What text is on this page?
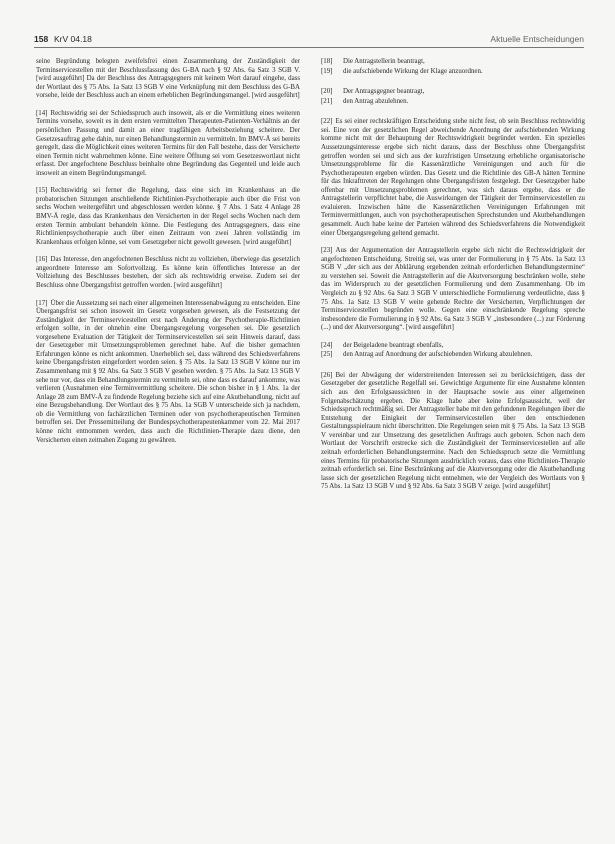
158 KrV 04.18	Aktuelle Entscheidungen

seine Begründung belegten zweifelsfrei einen Zusammenhang der Zuständigkeit der Terminservicestellen mit der Beschlussfassung des G-BA nach § 92 Abs. 6a Satz 3 SGB V. [wird ausgeführt] Da der Beschluss des Antragsgegners mit keinem Wort darauf eingehe, dass der Wortlaut des § 75 Abs. 1a Satz 13 SGB V eine Verknüpfung mit dem Beschluss des G-BA vorsehe, leide der Beschluss auch an einem erheblichen Begründungsmangel. [wird ausgeführt]

[14] Rechtswidrig sei der Schiedsspruch auch insoweit, als er die Vermittlung eines weiteren Termins vorsehe, soweit es in dem ersten vermittelten Therapeuten-Patienten-Verhältnis an der persönlichen Passung und damit an einer tragfähigen Arbeitsbeziehung scheitere. Der Gesetzesauftrag gehe dahin, nur einen Behandlungstermin zu vermitteln. Im BMV-Ä sei bereits geregelt, dass die Möglichkeit eines weiteren Termins für den Fall bestehe, dass der Versicherte einen Termin nicht wahrnehmen könne. Eine weitere Öffnung sei vom Gesetzeswortlaut nicht erfasst. Der angefochtene Beschluss beinhalte ohne Begründung das Gegenteil und leide auch insoweit an einem Begründungsmangel.

[15] Rechtswidrig sei ferner die Regelung, dass eine sich im Krankenhaus an die probatorischen Sitzungen anschließende Richtlinien-Psychotherapie auch über die Frist von sechs Wochen weitergeführt und abgeschlossen werden könne. § 7 Abs. 1 Satz 4 Anlage 28 BMV-Ä regle, dass das Krankenhaus den Versicherten in der Regel sechs Wochen nach dem ersten Termin ambulant behandeln könne. Die Festlegung des Antragsgegners, dass eine Richtlinienpsychotherapie auch über einen Zeitraum von zwei Jahren vollständig im Krankenhaus erfolgen könne, sei vom Gesetzgeber nicht gewollt gewesen. [wird ausgeführt]

[16] Das Interesse, den angefochtenen Beschluss nicht zu vollziehen, überwiege das gesetzlich angeordnete Interesse am Sofortvollzug. Es könne kein öffentliches Interesse an der Vollziehung des Beschlusses bestehen, der sich als rechtswidrig erweise. Zudem sei der Beschluss ohne Übergangsfrist getroffen worden. [wird ausgeführt]

[17] Über die Aussetzung sei nach einer allgemeinen Interessenabwägung zu entscheiden. Eine Übergangsfrist sei schon insoweit im Gesetz vorgesehen gewesen, als die Festsetzung der Zuständigkeit der Terminservicestellen erst nach Änderung der Psychotherapie-Richtlinien erfolgen sollte, in der ohnehin eine Übergangsregelung vorgesehen sei. Die gesetzlich vorgesehene Evaluation der Tätigkeit der Terminservicestellen sei sein Hinweis darauf, dass der Gesetzgeber mit Umsetzungsproblemen gerechnet habe. Auf die bisher gemachten Erfahrungen könne es nicht ankommen. Unerheblich sei, dass während des Schiedsverfahrens keine Übergangsfristen eingefordert worden seien. § 75 Abs. 1a Satz 13 SGB V könne nur im Zusammenhang mit § 92 Abs. 6a Satz 3 SGB V gesehen werden. § 75 Abs. 1a Satz 13 SGB V sehe nur vor, dass ein Behandlungstermin zu vermitteln sei, ohne dass es darauf ankomme, was verlieren (Ausnahmen eine Terminvermittlung scheitere. Die schon bisher in § 1 Abs. 1a der Anlage 28 zum BMV-Ä zu findende Regelung beziehe sich auf eine Akutbehandlung, nicht auf eine Bezugsbehandlung. Der Wortlaut des § 75 Abs. 1a SGB V unterscheide sich ja nachdem, ob die Vermittlung von fachärztlichen Terminen oder von psychotherapeutischen Terminen betroffen sei. Der Pressemitteilung der Bundespsychotherapeutenkammer vom 22. Mai 2017 könne nicht entnommen werden, dass auch die Richtlinien-Therapie dazu diene, den Versicherten einen zeitnahen Zugang zu gewähren.

[18]	Die Antragstellerin beantragt,
[19]	die aufschiebende Wirkung der Klage anzuordnen.
[20]	Der Antragsgegner beantragt,
[21]	den Antrag abzulehnen.

[22] Es sei einer rechtskräftigen Entscheidung stehe nicht fest, ob sein Beschluss rechtswidrig sei. Eine von der gesetzlichen Regel abweichende Anordnung der aufschiebenden Wirkung komme nicht mit der Behauptung der Rechtswidrigkeit begründet werden. Ein spezielles Aussetzungsinteresse ergebe sich nicht daraus, dass der Beschluss ohne Übergangsfrist getroffen worden sei und sich aus der kurzfristigen Umsetzung erhebliche organisatorische Umsetzungsprobleme für die Kassenärztliche Vereinigungen und auch für die Psychotherapeuten ergeben würden. Das Gesetz und die Richtlinie des GB-A hätten Termine für das Inkrafttreten der Regelungen ohne Übergangsfristen festgelegt. Der Gesetzgeber habe offenbar mit Umsetzungsproblemen gerechnet, was sich daraus ergebe, dass er die Antragstellerin verpflichtet habe, die Auswirkungen der Tätigkeit der Terminservicestellen zu evaluieren. Inzwischen hätte die Kassenärztlichen Vereinigungen Erfahrungen mit Terminvermittlungen, auch von psychotherapeutischen Sprechstunden und Akutbehandlungen gesammelt. Auch habe keine der Parteien während des Schiedsverfahrens die Notwendigkeit einer Übergangsregelung geltend gemacht.

[23] Aus der Argumentation der Antragstellerin ergebe sich nicht die Rechtswidrigkeit der angefochtenen Entscheidung. Streitig sei, was unter der Formulierung in § 75 Abs. 1a Satz 13 SGB V „der sich aus der Abklärung ergebenden zeitnah erforderlichen Behandlungstermine“ zu verstehen sei. Soweit die Antragstellerin auf die Akutversorgung beschränken wolle, stehe das im Widerspruch zu der gesetzlichen Formulierung und dem Zusammenhang. Ob im Vergleich zu § 92 Abs. 6a Satz 3 SGB V unterschiedliche Formulierung verdeutlichte, dass § 75 Abs. 1a Satz 13 SGB V weite gehende Rechte der Versicherten, Verpflichtungen der Terminservicestellen begründen wolle. Gegen eine einschränkende Regelung spreche insbesondere die Formulierung in § 92 Abs. 6a Satz 3 SGB V „insbesondere (...) zur Förderung (...) und der Akutversorgung“. [wird ausgeführt]

[24]	der Beigeladene beantragt ebenfalls,
[25]	den Antrag auf Anordnung der aufschiebenden Wirkung abzulehnen.

[26] Bei der Abwägung der widerstreitenden Interessen sei zu berücksichtigen, dass der Gesetzgeber der gesetzliche Regelfall sei. Gewichtige Argumente für eine Ausnahme könnten sich aus den Erfolgsaussichten in der Hauptsache sowie aus einer allgemeinen Folgenabschätzung ergeben. Die Klage habe aber keine Erfolgsaussicht, weil der Schiedsspruch rechtmäßig sei. Der Antragsteller habe mit den gefundenen Regelungen über die Entstehung der Einigkeit der Terminservicestellen über den entschiedenen Gestaltungsspielraum nicht überschritten. Die Regelungen seien mit § 75 Abs. 1a Satz 13 SGB V vereinbar und zur Umsetzung des gesetzlichen Auftrags auch geboten. Schon nach dem Wortlaut der Vorschrift erstrecke sich die Zuständigkeit der Terminservicestellen auf alle zeitnah erforderlichen Behandlungstermine. Nach den Schiedsspruch setze die Vermittlung eines Termins für probatorische Sitzungen ausdrücklich voraus, dass eine Richtlinien-Therapie zeitnah erforderlich sei. Eine Beschränkung auf die Akutversorgung oder die Akutbehandlung lasse sich der gesetzlichen Regelung nicht entnehmen, wie der Vergleich des Wortlauts von § 75 Abs. 1a Satz 13 SGB V und § 92 Abs. 6a Satz 3 SGB V zeige. [wird ausgeführt]
